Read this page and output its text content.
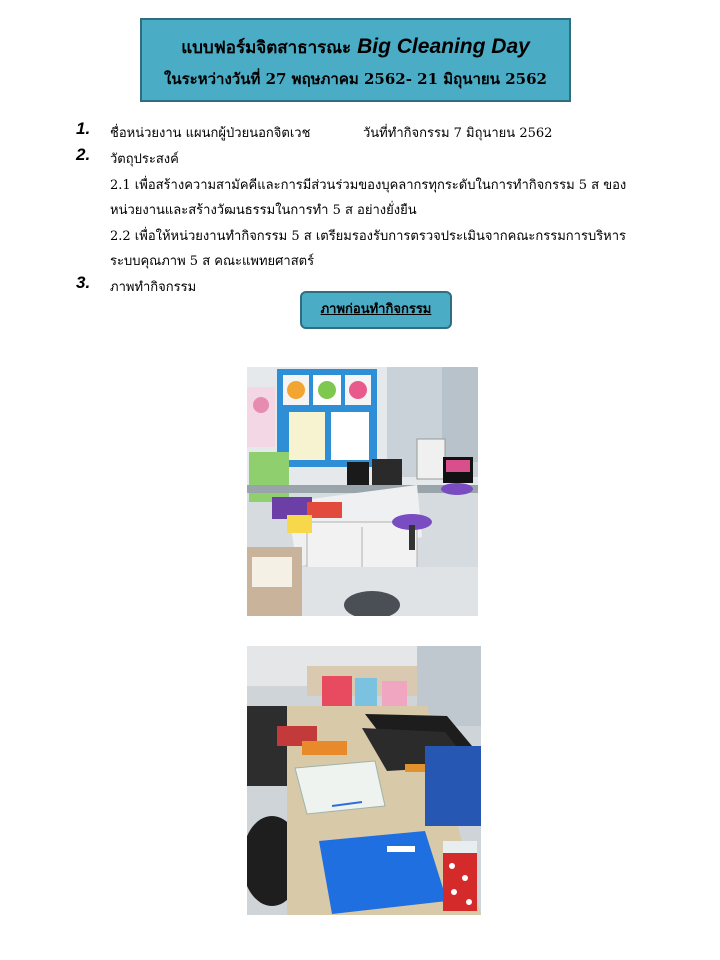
แบบฟอร์มจิตสาธารณะ Big Cleaning Day
ในระหว่างวันที่ 27 พฤษภาคม 2562- 21 มิถุนายน 2562
1. ชื่อหน่วยงาน แผนกผู้ป่วยนอกจิตเวช	วันที่ทำกิจกรรม 7 มิถุนายน 2562
2. วัตถุประสงค์
2.1 เพื่อสร้างความสามัคคีและการมีส่วนร่วมของบุคลากรทุกระดับในการทำกิจกรรม 5 ส ของ
หน่วยงานและสร้างวัฒนธรรมในการทำ 5 ส อย่างยั่งยืน
2.2 เพื่อให้หน่วยงานทำกิจกรรม 5 ส เตรียมรองรับการตรวจประเมินจากคณะกรรมการบริหาร
ระบบคุณภาพ 5 ส คณะแพทยศาสตร์
3. ภาพทำกิจกรรม
ภาพก่อนทำกิจกรรม
